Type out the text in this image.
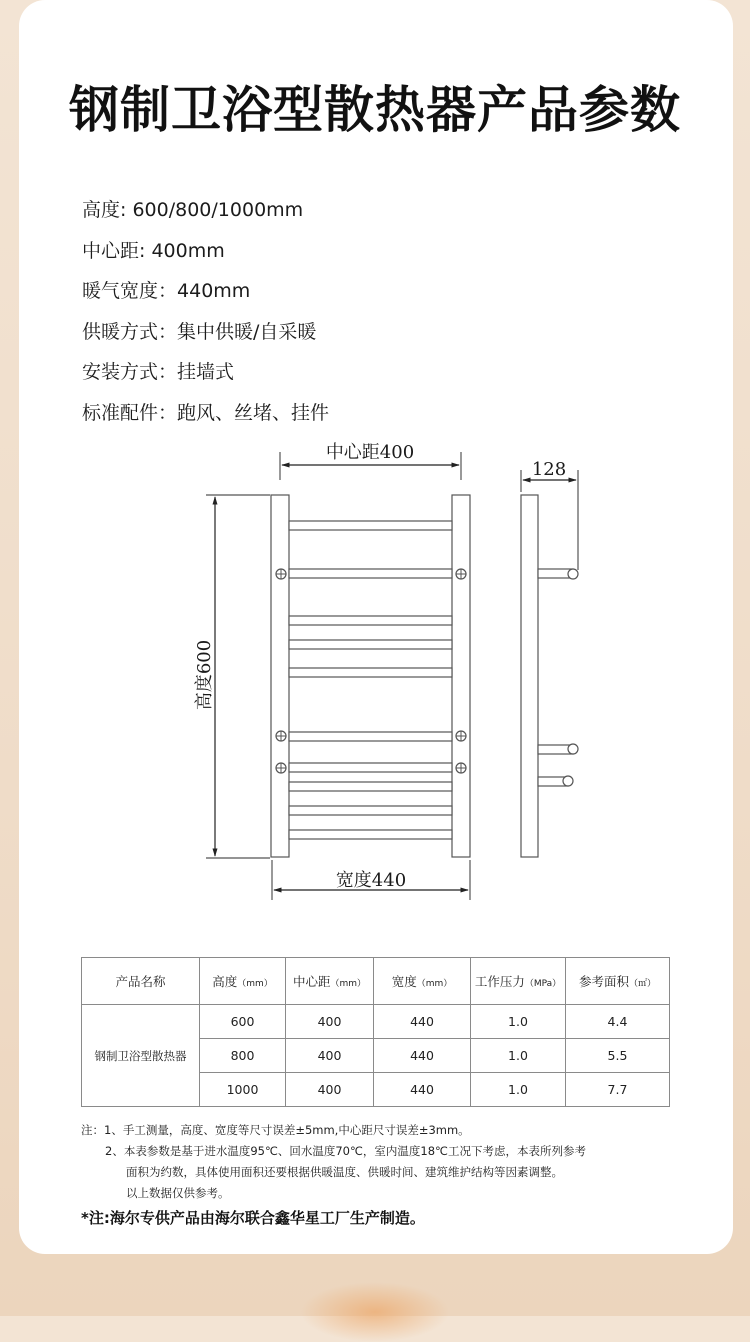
钢制卫浴型散热器产品参数
高度: 600/800/1000mm
中心距: 400mm
暖气宽度：440mm
供暖方式：集中供暖/自采暖
安装方式：挂墙式
标准配件：跑风、丝堵、挂件
中心距400
128
高度600
宽度440
产品名称	高度（mm）	中心距（mm）	宽度（mm）	工作压力（MPa）	参考面积（㎡）
钢制卫浴型散热器	600	400	440	1.0	4.4
	800	400	440	1.0	5.5
	1000	400	440	1.0	7.7
注：1、手工测量，高度、宽度等尺寸误差±5mm,中心距尺寸误差±3mm。
2、本表参数是基于进水温度95℃、回水温度70℃，室内温度18℃工况下考虑，本表所列参考
面积为约数，具体使用面积还要根据供暖温度、供暖时间、建筑维护结构等因素调整。
以上数据仅供参考。
*注:海尔专供产品由海尔联合鑫华星工厂生产制造。
